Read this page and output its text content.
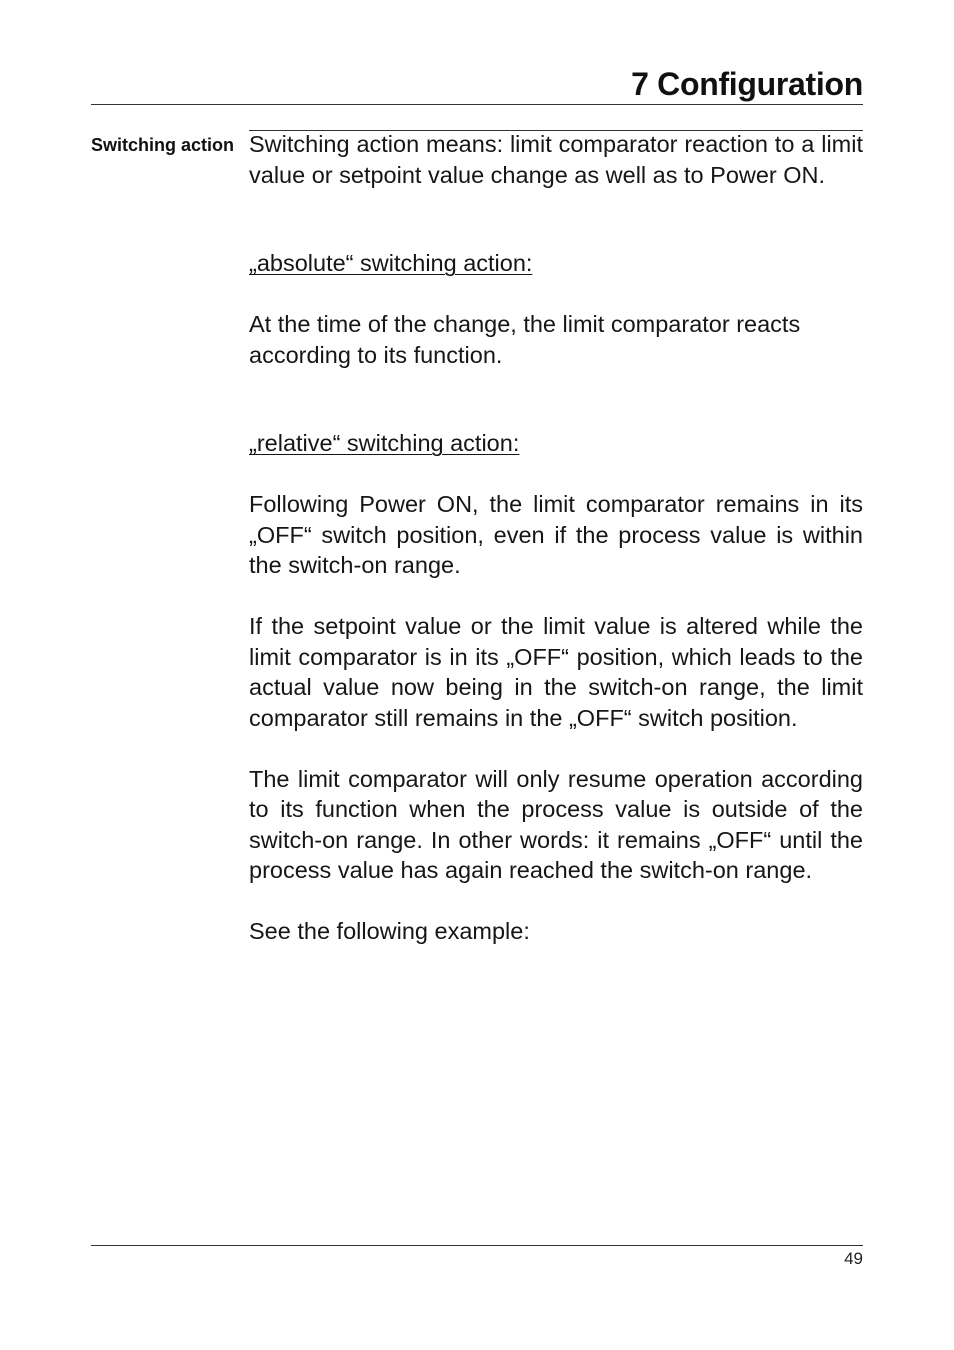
7 Configuration
Switching action Switching action means: limit comparator reaction to a limit value or setpoint value change as well as to Power ON.

„absolute“ switching action:

At the time of the change, the limit comparator reacts according to its function.

„relative“ switching action:

Following Power ON, the limit comparator remains in its „OFF“ switch position, even if the process value is within the switch-on range.

If the setpoint value or the limit value is altered while the limit comparator is in its „OFF“ position, which leads to the actual value now being in the switch-on range, the limit comparator still remains in the „OFF“ switch position.

The limit comparator will only resume operation according to its function when the process value is outside of the switch-on range. In other words: it remains „OFF“ until the process value has again reached the switch-on range.

See the following example:

49
